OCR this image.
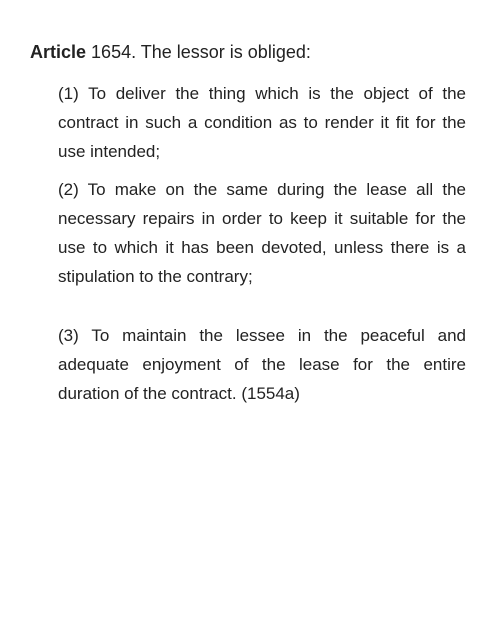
Article 1654. The lessor is obliged:
(1) To deliver the thing which is the object of the contract in such a condition as to render it fit for the use intended;
(2) To make on the same during the lease all the necessary repairs in order to keep it suitable for the use to which it has been devoted, unless there is a stipulation to the contrary;
(3) To maintain the lessee in the peaceful and adequate enjoyment of the lease for the entire duration of the contract. (1554a)
